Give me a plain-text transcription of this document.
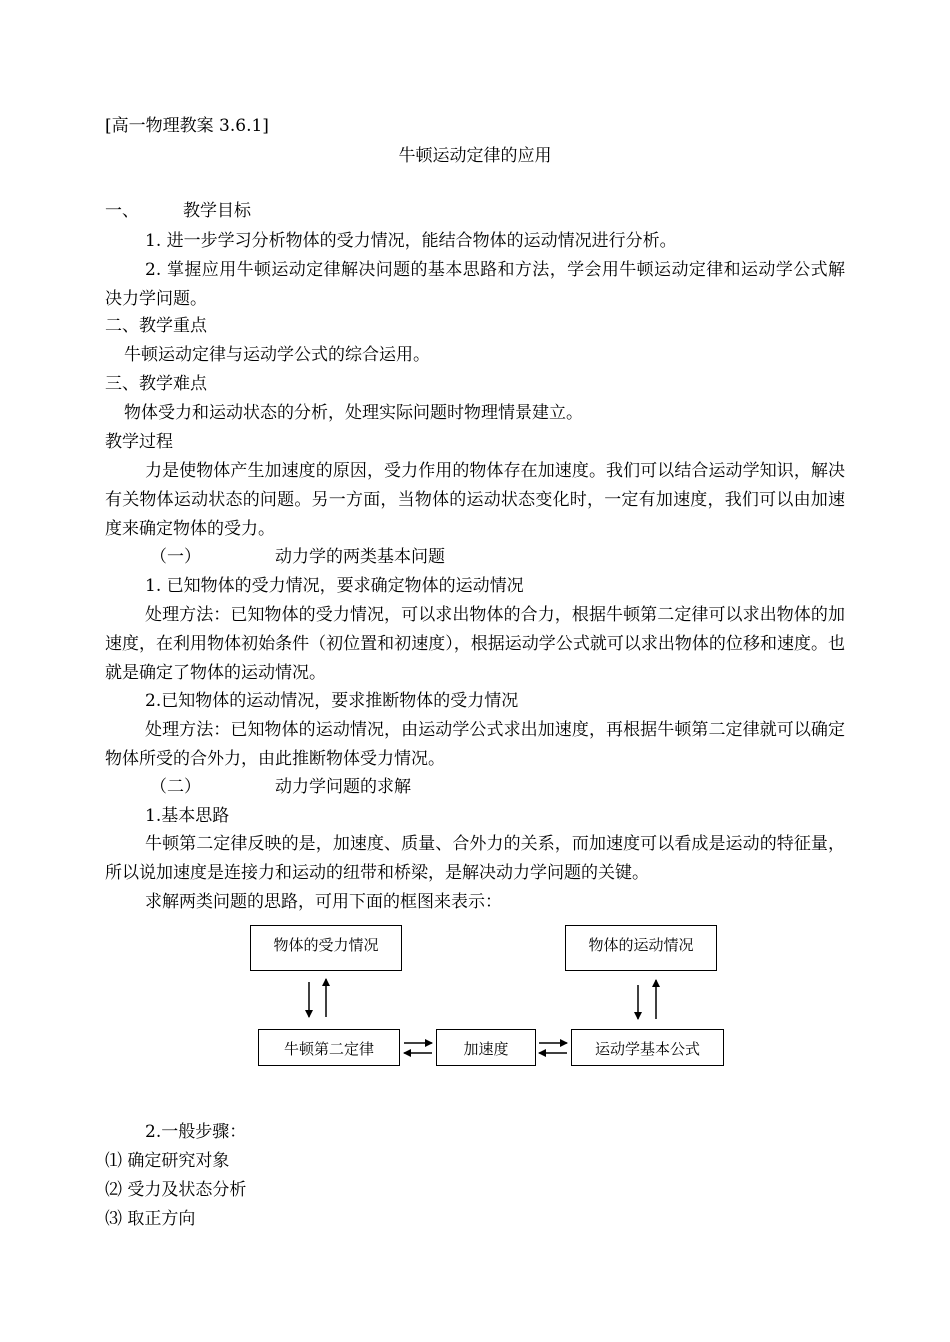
[高一物理教案 3.6.1]
牛顿运动定律的应用
一、	教学目标
1. 进一步学习分析物体的受力情况，能结合物体的运动情况进行分析。
2. 掌握应用牛顿运动定律解决问题的基本思路和方法，学会用牛顿运动定律和运动学公式解决力学问题。
二、教学重点
牛顿运动定律与运动学公式的综合运用。
三、教学难点
物体受力和运动状态的分析，处理实际问题时物理情景建立。
教学过程
力是使物体产生加速度的原因，受力作用的物体存在加速度。我们可以结合运动学知识，解决有关物体运动状态的问题。另一方面，当物体的运动状态变化时，一定有加速度，我们可以由加速度来确定物体的受力。
（一）	动力学的两类基本问题
1. 已知物体的受力情况，要求确定物体的运动情况
处理方法：已知物体的受力情况，可以求出物体的合力，根据牛顿第二定律可以求出物体的加速度，在利用物体初始条件（初位置和初速度），根据运动学公式就可以求出物体的位移和速度。也就是确定了物体的运动情况。
2.已知物体的运动情况，要求推断物体的受力情况
处理方法：已知物体的运动情况，由运动学公式求出加速度，再根据牛顿第二定律就可以确定物体所受的合外力，由此推断物体受力情况。
（二）	动力学问题的求解
1.基本思路
牛顿第二定律反映的是，加速度、质量、合外力的关系，而加速度可以看成是运动的特征量，所以说加速度是连接力和运动的纽带和桥梁，是解决动力学问题的关键。
求解两类问题的思路，可用下面的框图来表示：
物体的受力情况	物体的运动情况
牛顿第二定律	加速度	运动学基本公式
2.一般步骤：
⑴ 确定研究对象
⑵ 受力及状态分析
⑶ 取正方向
